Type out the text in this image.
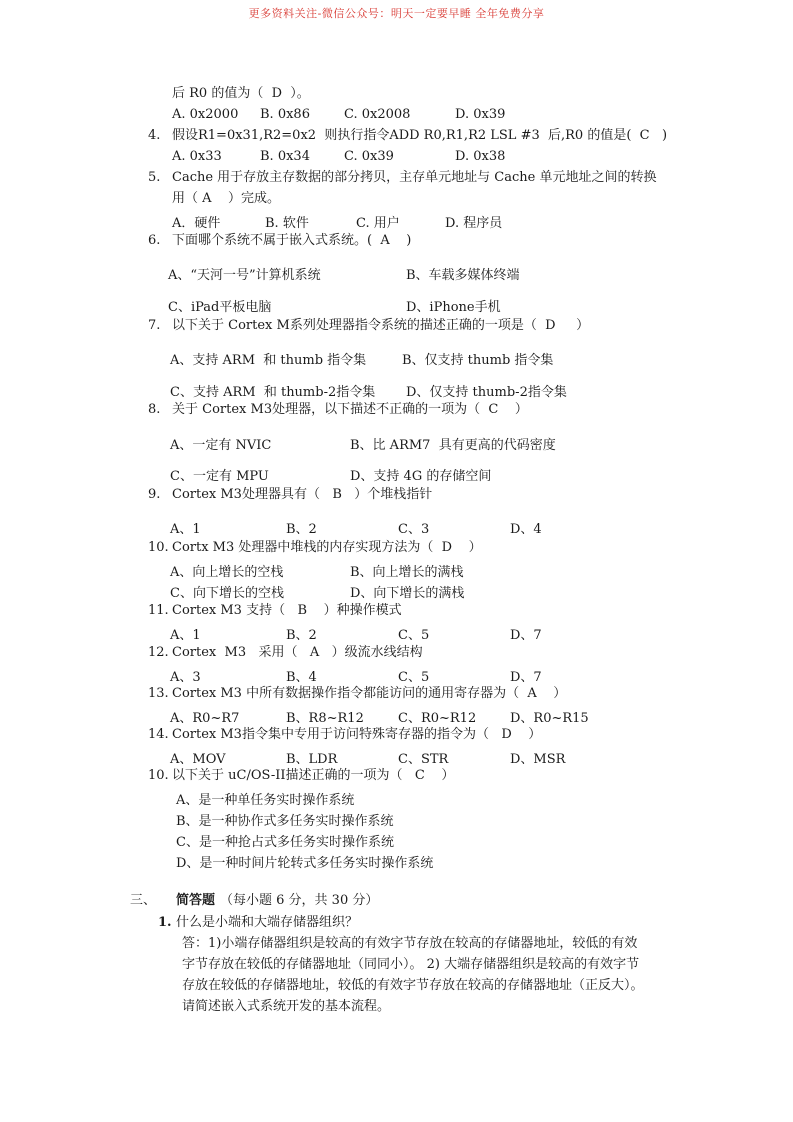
更多资料关注-微信公众号：明天一定要早睡 全年免费分享
后 R0 的值为（  D  ）。
A. 0x2000 B. 0x86	C. 0x2008	D. 0x39
4. 假设R1=0x31,R2=0x2  则执行指令ADD R0,R1,R2 LSL #3  后,R0 的值是(  C   )
A. 0x33	B. 0x34	C. 0x39	D. 0x38
5. Cache 用于存放主存数据的部分拷贝，主存单元地址与 Cache 单元地址之间的转换
用（ A    ）完成。
A．硬件	B. 软件	C. 用户	D. 程序员
6. 下面哪个系统不属于嵌入式系统。(  A    )
A、“天河一号”计算机系统	B、车载多媒体终端
C、iPad平板电脑	D、iPhone手机
7. 以下关于 Cortex M系列处理器指令系统的描述正确的一项是（  D     ）
A、支持 ARM  和 thumb 指令集	B、仅支持 thumb 指令集
C、支持 ARM  和 thumb-2指令集 D、仅支持 thumb-2指令集
8. 关于 Cortex M3处理器，以下描述不正确的一项为（  C    ）
A、一定有 NVIC	B、比 ARM7  具有更高的代码密度
C、一定有 MPU	D、支持 4G 的存储空间
9. Cortex M3处理器具有（   B   ）个堆栈指针
A、1	B、2	C、3	D、4
10. Cortx M3 处理器中堆栈的内存实现方法为（  D    ）
A、向上增长的空栈	B、向上增长的满栈
C、向下增长的空栈	D、向下增长的满栈
11. Cortex M3 支持（   B    ）种操作模式
A、1	B、2	C、5	D、7
12. Cortex  M3   采用（   A   ）级流水线结构
A、3	B、4	C、5	D、7
13. Cortex M3 中所有数据操作指令都能访问的通用寄存器为（  A    ）
A、R0~R7	B、R8~R12	C、R0~R12	D、R0~R15
14. Cortex M3指令集中专用于访问特殊寄存器的指令为（   D    ）
A、MOV	B、LDR	C、STR	D、MSR
10. 以下关于 uC/OS-II描述正确的一项为（   C    ）
A、是一种单任务实时操作系统
B、是一种协作式多任务实时操作系统
C、是一种抢占式多任务实时操作系统
D、是一种时间片轮转式多任务实时操作系统
三、 简答题 （每小题 6 分，共 30 分）
1. 什么是小端和大端存储器组织？
答：1)小端存储器组织是较高的有效字节存放在较高的存储器地址，较低的有效
字节存放在较低的存储器地址（同同小）。 2) 大端存储器组织是较高的有效字节
存放在较低的存储器地址，较低的有效字节存放在较高的存储器地址（正反大）。
请简述嵌入式系统开发的基本流程。
